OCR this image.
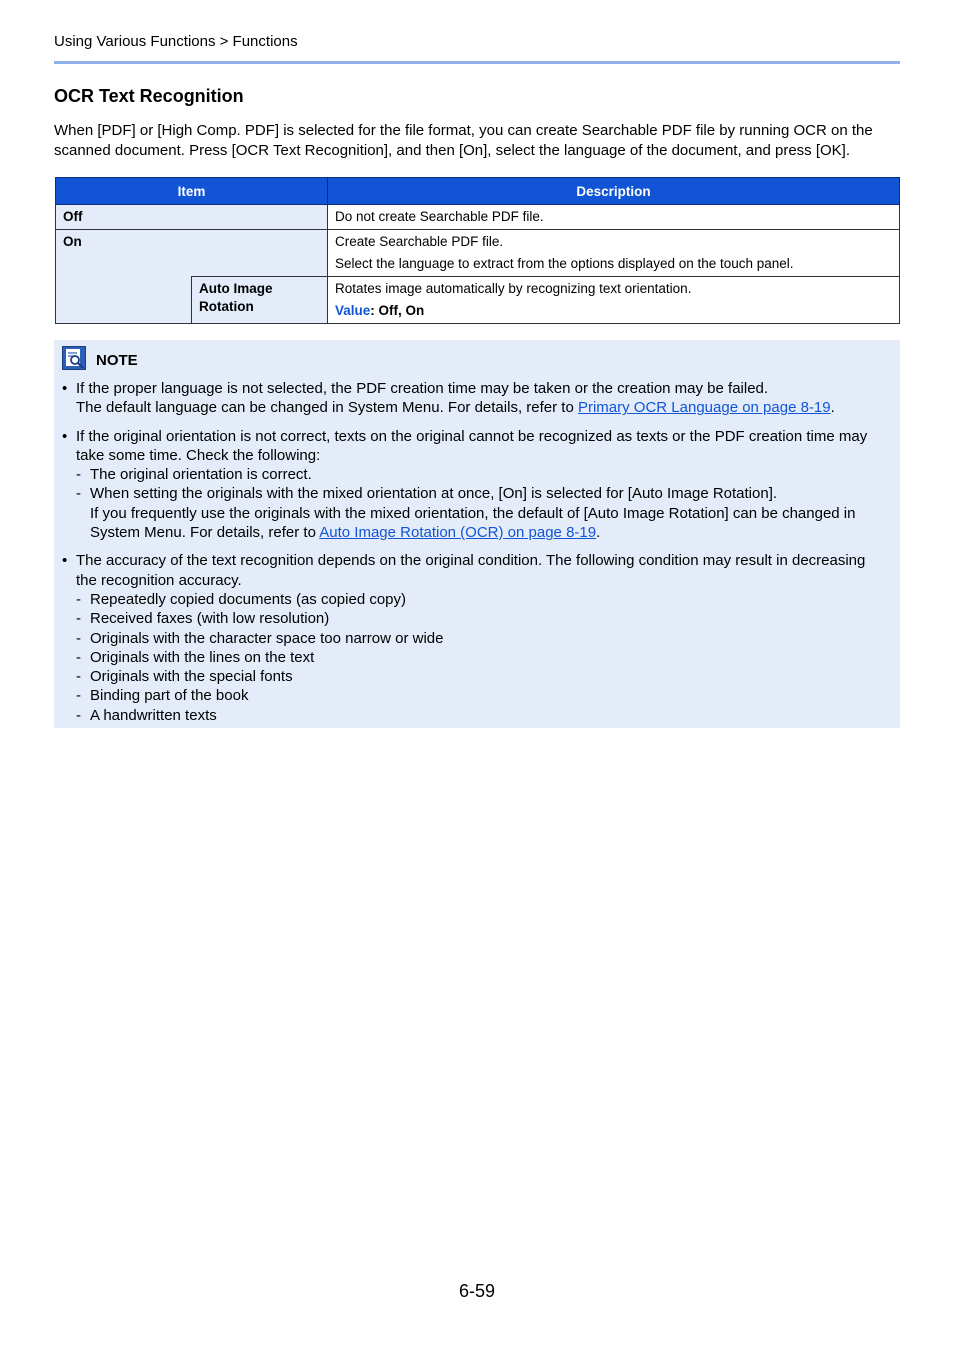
Using Various Functions > Functions
OCR Text Recognition

When [PDF] or [High Comp. PDF] is selected for the file format, you can create Searchable PDF file by running OCR on the scanned document. Press [OCR Text Recognition], and then [On], select the language of the document, and press [OK].

Item		Description
Off		Do not create Searchable PDF file.
On		Create Searchable PDF file.
Select the language to extract from the options displayed on the touch panel.

	Auto Image Rotation	Rotates image automatically by recognizing text orientation.
Value: Off, On
NOTE
• If the proper language is not selected, the PDF creation time may be taken or the creation may be failed.
The default language can be changed in System Menu. For details, refer to Primary OCR Language on page 8-19.
• If the original orientation is not correct, texts on the original cannot be recognized as texts or the PDF creation time may take some time. Check the following:
- The original orientation is correct.
- When setting the originals with the mixed orientation at once, [On] is selected for [Auto Image Rotation].
If you frequently use the originals with the mixed orientation, the default of [Auto Image Rotation] can be changed in System Menu. For details, refer to Auto Image Rotation (OCR) on page 8-19.
• The accuracy of the text recognition depends on the original condition. The following condition may result in decreasing the recognition accuracy.
- Repeatedly copied documents (as copied copy)
- Received faxes (with low resolution)
- Originals with the character space too narrow or wide
- Originals with the lines on the text
- Originals with the special fonts
- Binding part of the book
- A handwritten texts
6-59
